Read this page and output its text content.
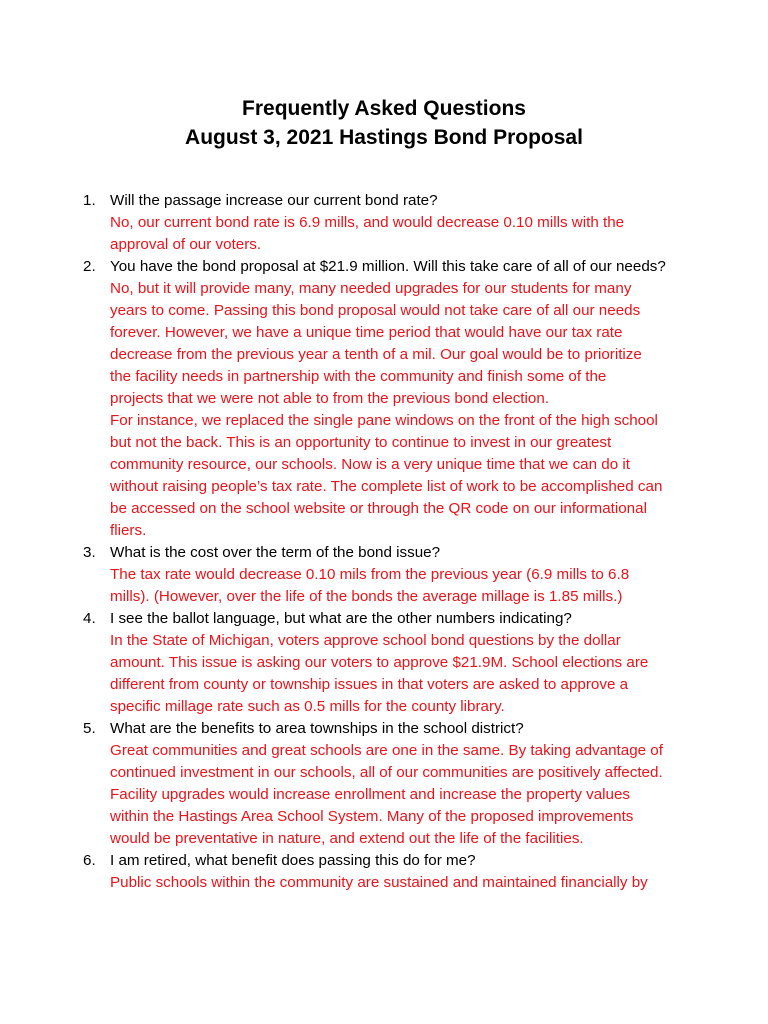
Frequently Asked Questions
August 3, 2021 Hastings Bond Proposal
1. Will the passage increase our current bond rate?
No, our current bond rate is 6.9 mills, and would decrease 0.10 mills with the
approval of our voters.
2. You have the bond proposal at $21.9 million. Will this take care of all of our needs?
No, but it will provide many, many needed upgrades for our students for many
years to come. Passing this bond proposal would not take care of all our needs
forever. However, we have a unique time period that would have our tax rate
decrease from the previous year a tenth of a mil. Our goal would be to prioritize
the facility needs in partnership with the community and finish some of the
projects that we were not able to from the previous bond election.
For instance, we replaced the single pane windows on the front of the high school
but not the back. This is an opportunity to continue to invest in our greatest
community resource, our schools. Now is a very unique time that we can do it
without raising people’s tax rate. The complete list of work to be accomplished can
be accessed on the school website or through the QR code on our informational
fliers.
3. What is the cost over the term of the bond issue?
The tax rate would decrease 0.10 mils from the previous year (6.9 mills to 6.8
mills). (However, over the life of the bonds the average millage is 1.85 mills.)
4. I see the ballot language, but what are the other numbers indicating?
In the State of Michigan, voters approve school bond questions by the dollar
amount. This issue is asking our voters to approve $21.9M. School elections are
different from county or township issues in that voters are asked to approve a
specific millage rate such as 0.5 mills for the county library.
5. What are the benefits to area townships in the school district?
Great communities and great schools are one in the same. By taking advantage of
continued investment in our schools, all of our communities are positively affected.
Facility upgrades would increase enrollment and increase the property values
within the Hastings Area School System. Many of the proposed improvements
would be preventative in nature, and extend out the life of the facilities.
6. I am retired, what benefit does passing this do for me?
Public schools within the community are sustained and maintained financially by
